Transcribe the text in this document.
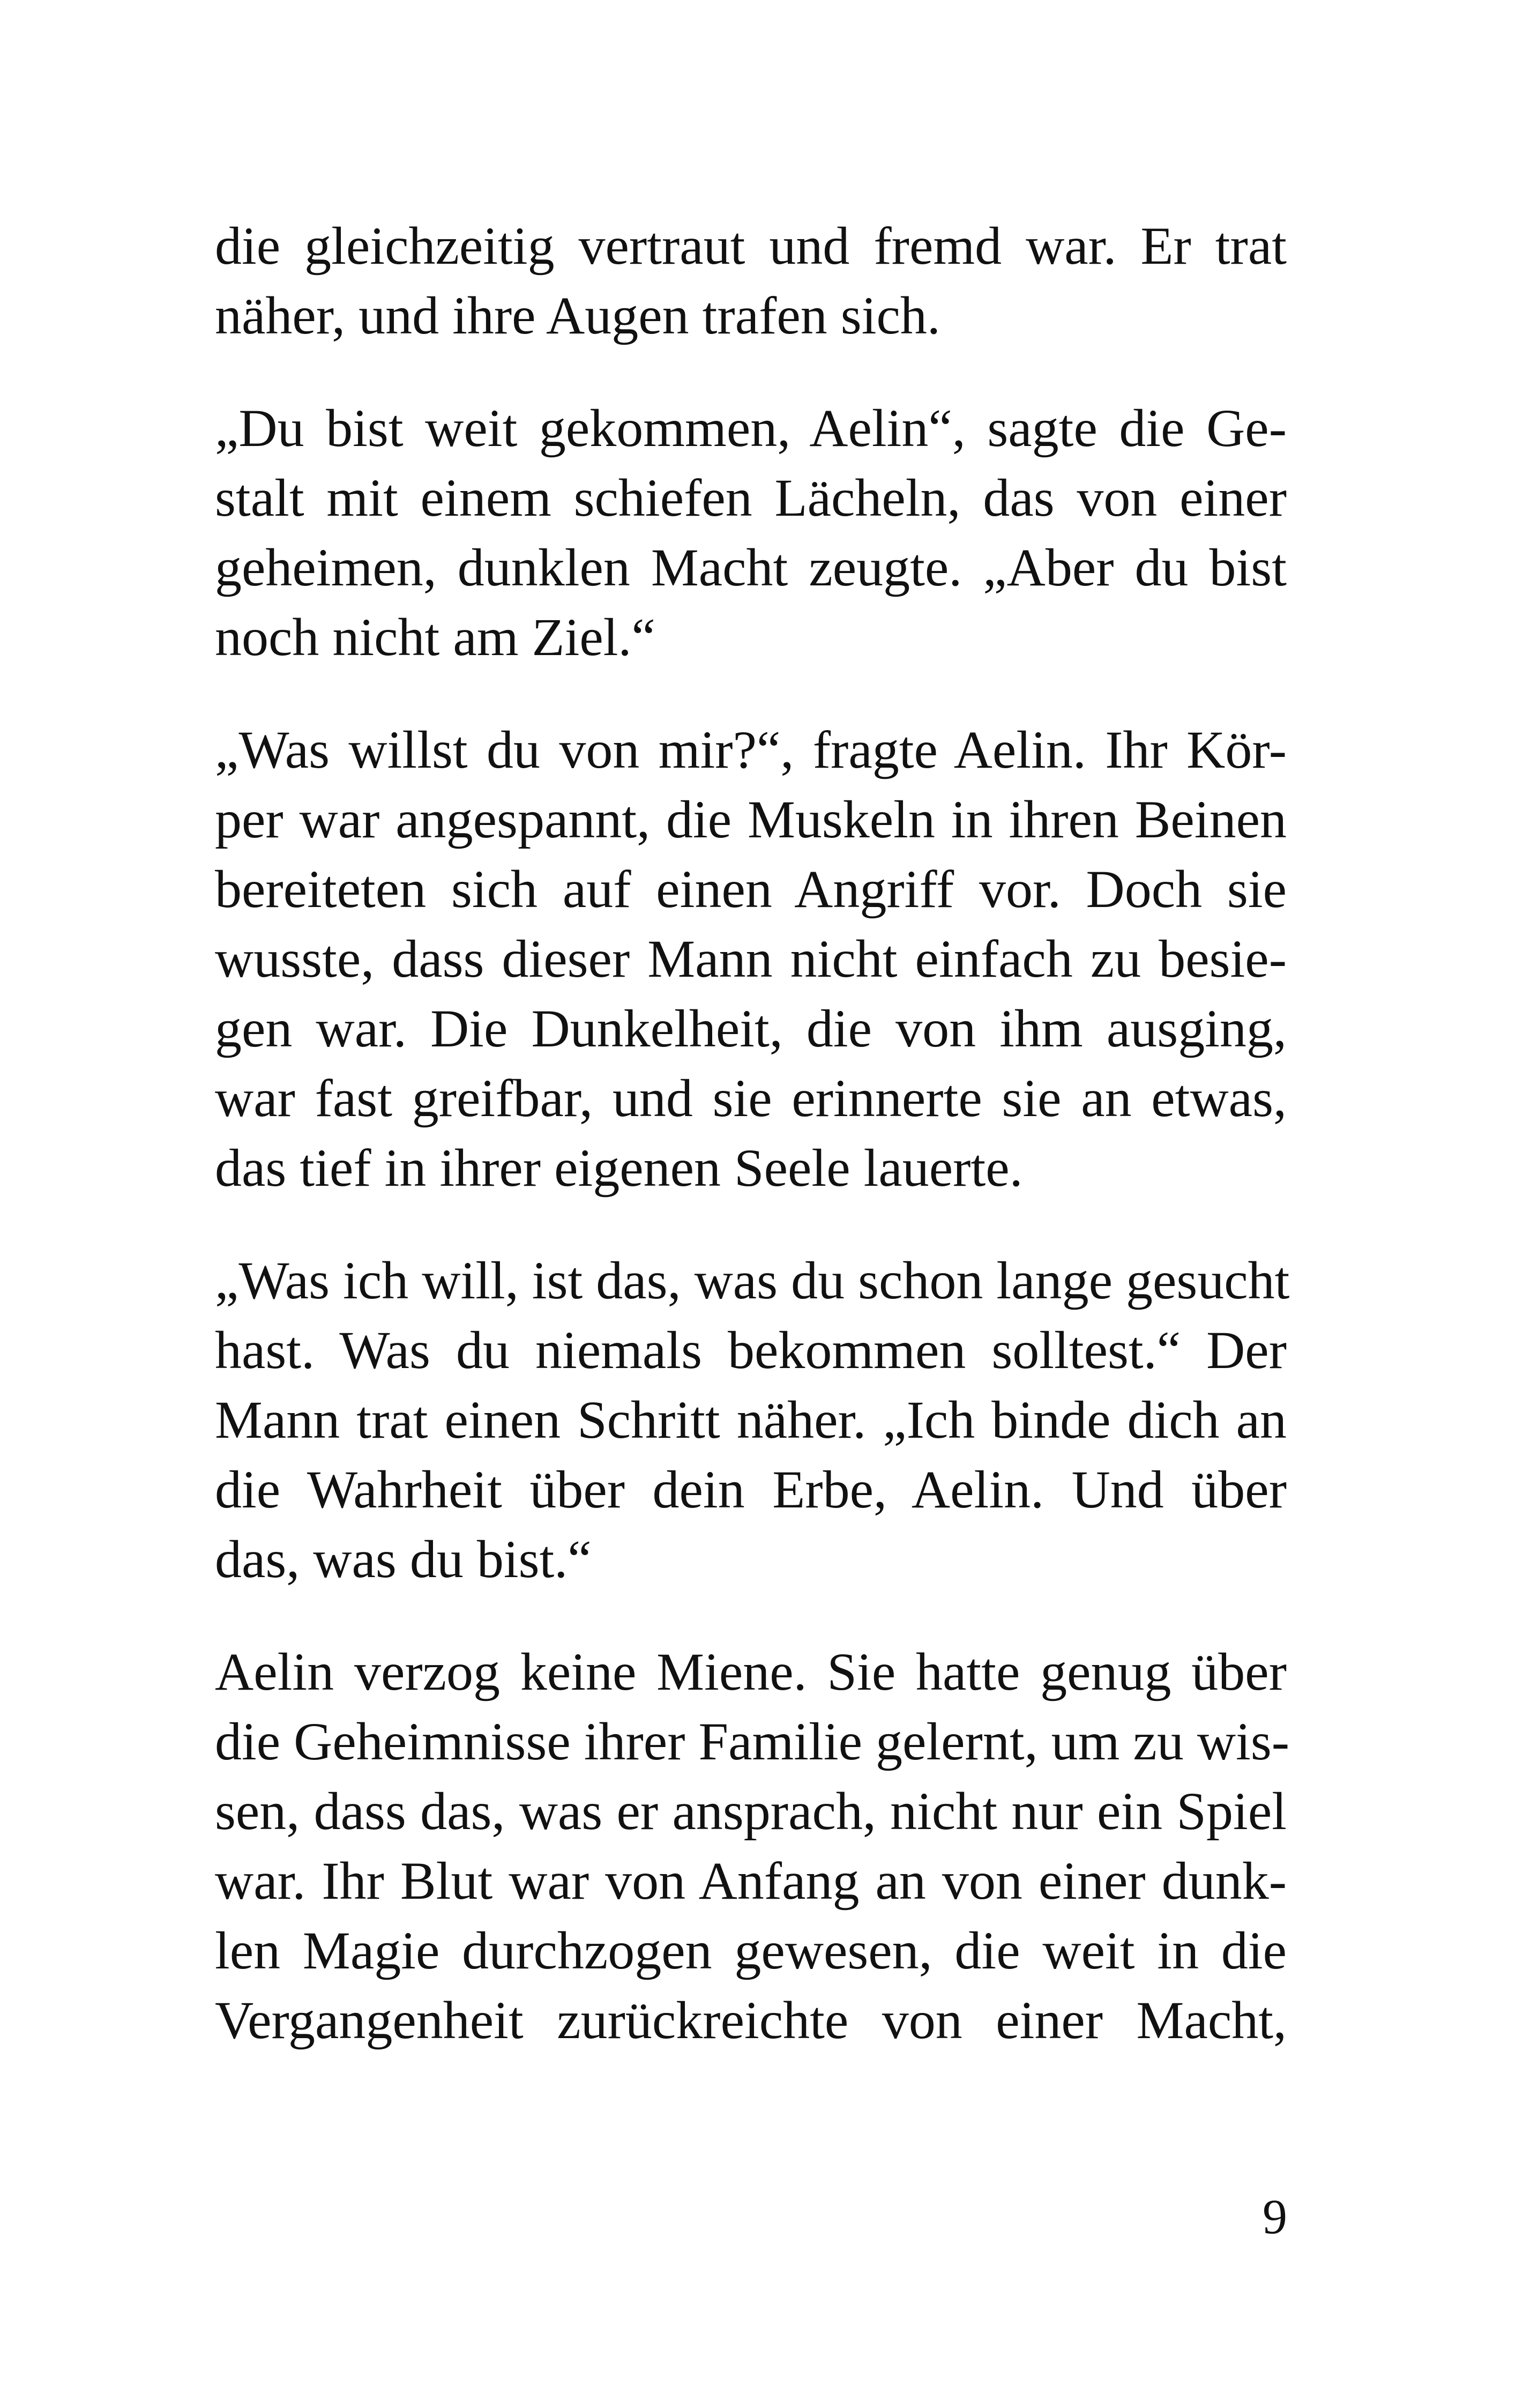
die gleichzeitig vertraut und fremd war. Er trat
näher, und ihre Augen trafen sich.
„Du bist weit gekommen, Aelin“, sagte die Ge-
stalt mit einem schiefen Lächeln, das von einer
geheimen, dunklen Macht zeugte. „Aber du bist
noch nicht am Ziel.“
„Was willst du von mir?“, fragte Aelin. Ihr Kör-
per war angespannt, die Muskeln in ihren Beinen
bereiteten sich auf einen Angriff vor. Doch sie
wusste, dass dieser Mann nicht einfach zu besie-
gen war. Die Dunkelheit, die von ihm ausging,
war fast greifbar, und sie erinnerte sie an etwas,
das tief in ihrer eigenen Seele lauerte.
„Was ich will, ist das, was du schon lange gesucht
hast. Was du niemals bekommen solltest.“ Der
Mann trat einen Schritt näher. „Ich binde dich an
die Wahrheit über dein Erbe, Aelin. Und über
das, was du bist.“
Aelin verzog keine Miene. Sie hatte genug über
die Geheimnisse ihrer Familie gelernt, um zu wis-
sen, dass das, was er ansprach, nicht nur ein Spiel
war. Ihr Blut war von Anfang an von einer dunk-
len Magie durchzogen gewesen, die weit in die
Vergangenheit zurückreichte von einer Macht,
9
